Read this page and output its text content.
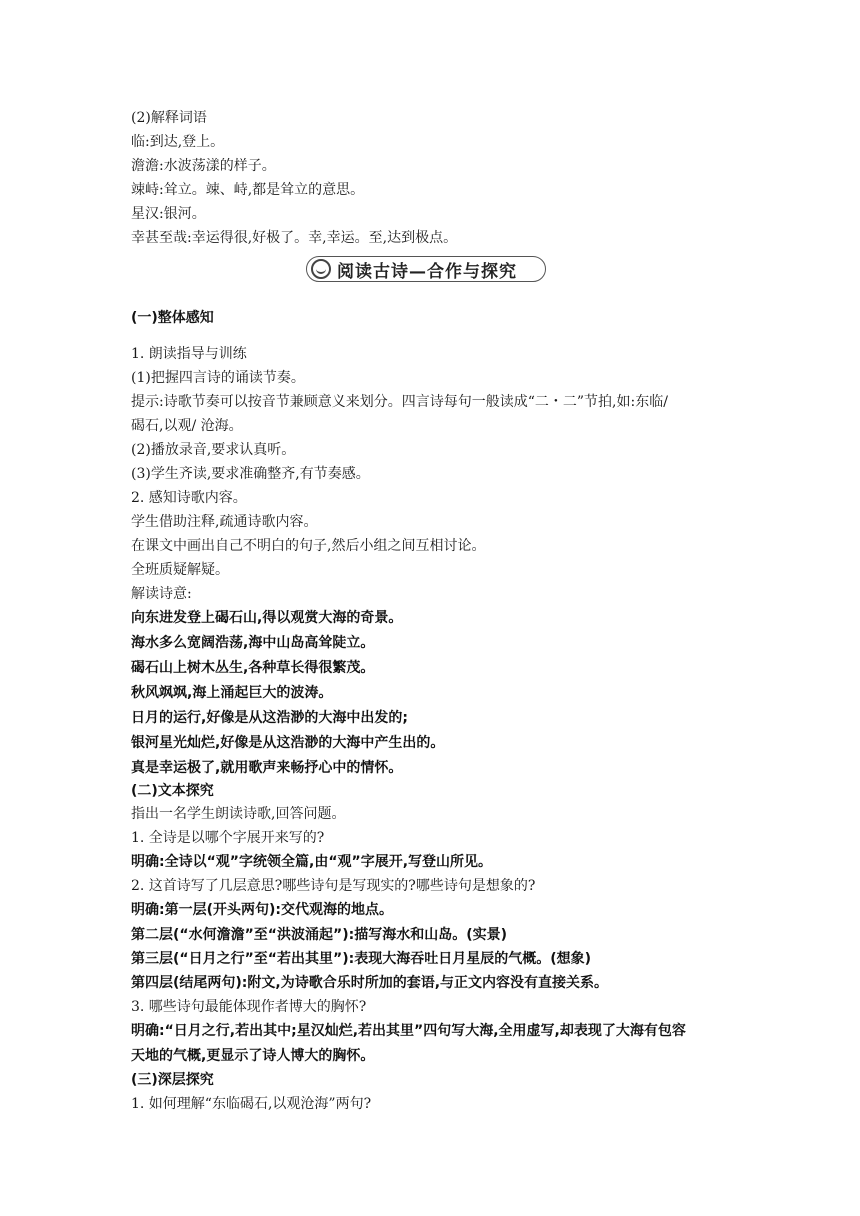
(2)解释词语
临:到达,登上。
澹澹:水波荡漾的样子。
竦峙:耸立。竦、峙,都是耸立的意思。
星汉:银河。
幸甚至哉:幸运得很,好极了。幸,幸运。至,达到极点。
阅读古诗—合作与探究
(一)整体感知
1. 朗读指导与训练
(1)把握四言诗的诵读节奏。
提示:诗歌节奏可以按音节兼顾意义来划分。四言诗每句一般读成“二・二”节拍,如:东临/
碣石,以观/ 沧海。
(2)播放录音,要求认真听。
(3)学生齐读,要求准确整齐,有节奏感。
2. 感知诗歌内容。
学生借助注释,疏通诗歌内容。
在课文中画出自己不明白的句子,然后小组之间互相讨论。
全班质疑解疑。
解读诗意:
向东进发登上碣石山,得以观赏大海的奇景。
海水多么宽阔浩荡,海中山岛高耸陡立。
碣石山上树木丛生,各种草长得很繁茂。
秋风飒飒,海上涌起巨大的波涛。
日月的运行,好像是从这浩渺的大海中出发的;
银河星光灿烂,好像是从这浩渺的大海中产生出的。
真是幸运极了,就用歌声来畅抒心中的情怀。
(二)文本探究
指出一名学生朗读诗歌,回答问题。
1. 全诗是以哪个字展开来写的?
明确:全诗以“观”字统领全篇,由“观”字展开,写登山所见。
2. 这首诗写了几层意思?哪些诗句是写现实的?哪些诗句是想象的?
明确:第一层(开头两句):交代观海的地点。
第二层(“水何澹澹”至“洪波涌起”):描写海水和山岛。(实景)
第三层(“日月之行”至“若出其里”):表现大海吞吐日月星辰的气概。(想象)
第四层(结尾两句):附文,为诗歌合乐时所加的套语,与正文内容没有直接关系。
3. 哪些诗句最能体现作者博大的胸怀?
明确:“日月之行,若出其中;星汉灿烂,若出其里”四句写大海,全用虚写,却表现了大海有包容
天地的气概,更显示了诗人博大的胸怀。
(三)深层探究
1. 如何理解“东临碣石,以观沧海”两句?
